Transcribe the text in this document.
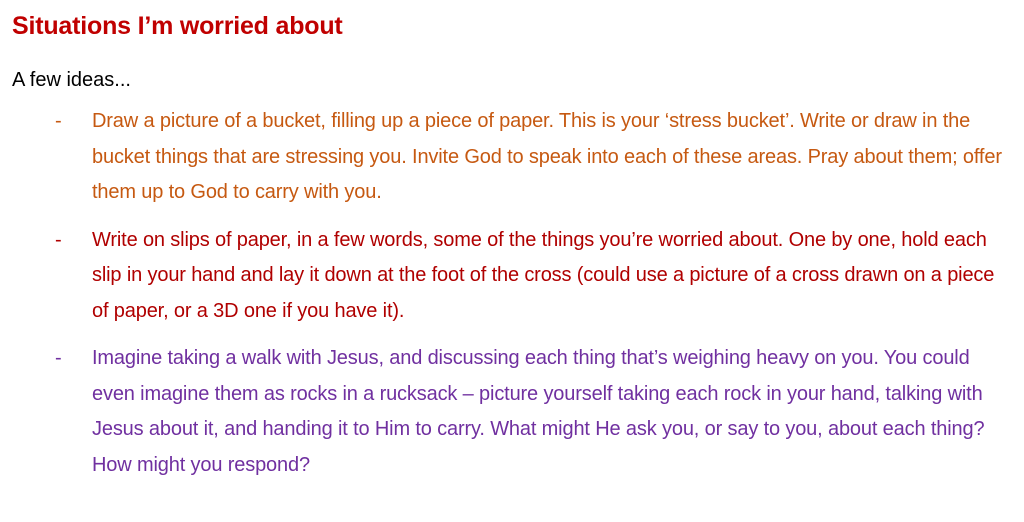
Situations I’m worried about

A few ideas...

- Draw a picture of a bucket, filling up a piece of paper. This is your ‘stress bucket’. Write or draw in the bucket things that are stressing you. Invite God to speak into each of these areas. Pray about them; offer them up to God to carry with you.
- Write on slips of paper, in a few words, some of the things you’re worried about. One by one, hold each slip in your hand and lay it down at the foot of the cross (could use a picture of a cross drawn on a piece of paper, or a 3D one if you have it).
- Imagine taking a walk with Jesus, and discussing each thing that’s weighing heavy on you. You could even imagine them as rocks in a rucksack – picture yourself taking each rock in your hand, talking with Jesus about it, and handing it to Him to carry. What might He ask you, or say to you, about each thing? How might you respond?
